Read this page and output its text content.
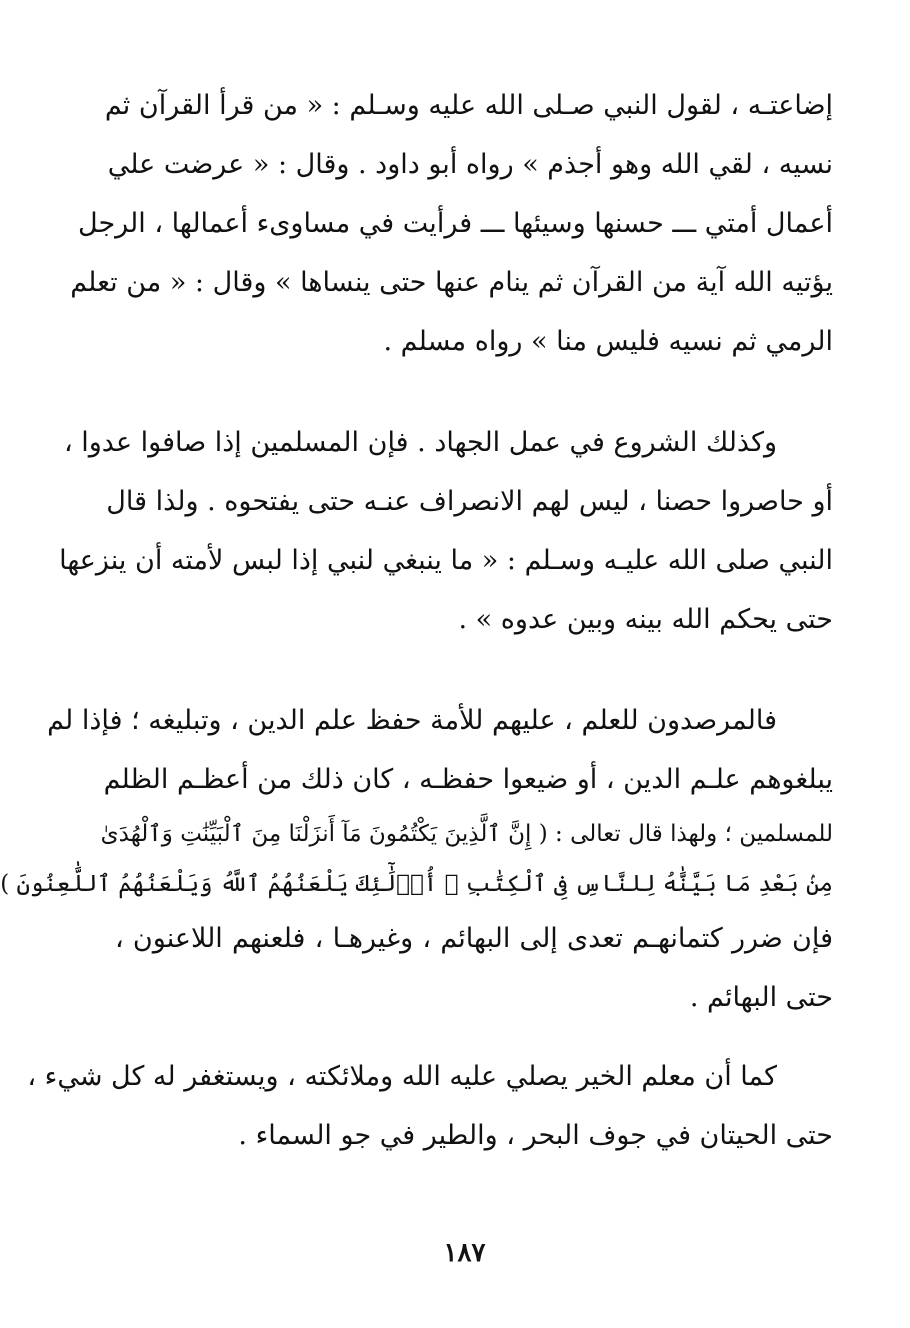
إضاعتـه ، لقول النبي صـلى الله عليه وسـلم : « من قرأ القرآن ثم
نسيه ، لقي الله وهو أجذم » رواه أبو داود . وقال : « عرضت علي
أعمال أمتي ـــ حسنها وسيئها ـــ فرأيت في مساوىء أعمالها ، الرجل
يؤتيه الله آية من القرآن ثم ينام عنها حتى ينساها » وقال : « من تعلم
الرمي ثم نسيه فليس منا » رواه مسلم .
وكذلك الشروع في عمل الجهاد . فإن المسلمين إذا صافوا عدوا ،
أو حاصروا حصنا ، ليس لهم الانصراف عنـه حتى يفتحوه . ولذا قال
النبي صلى الله عليـه وسـلم : « ما ينبغي لنبي إذا لبس لأمته أن ينزعها
حتى يحكم الله بينه وبين عدوه » .
فالمرصدون للعلم ، عليهم للأمة حفظ علم الدين ، وتبليغه ؛ فإذا لم
يبلغوهم علـم الدين ، أو ضيعوا حفظـه ، كان ذلك من أعظـم الظلم
للمسلمين ؛ ولهذا قال تعالى : ( إِنَّ ٱلَّذِينَ يَكْتُمُونَ مَآ أَنزَلْنَا مِنَ ٱلْبَيِّنَٰتِ وَٱلْهُدَىٰ
مِنۢ بَعْدِ مَا بَيَّنَّٰهُ لِلنَّاسِ فِى ٱلْكِتَٰبِ ۙ أُو۟لَٰٓئِكَ يَلْعَنُهُمُ ٱللَّهُ وَيَلْعَنُهُمُ ٱللَّٰعِنُونَ )
فإن ضرر كتمانهـم تعدى إلى البهائم ، وغيرهـا ، فلعنهم اللاعنون ،
حتى البهائم .
كما أن معلم الخير يصلي عليه الله وملائكته ، ويستغفر له كل شيء ،
حتى الحيتان في جوف البحر ، والطير في جو السماء .
١٨٧
